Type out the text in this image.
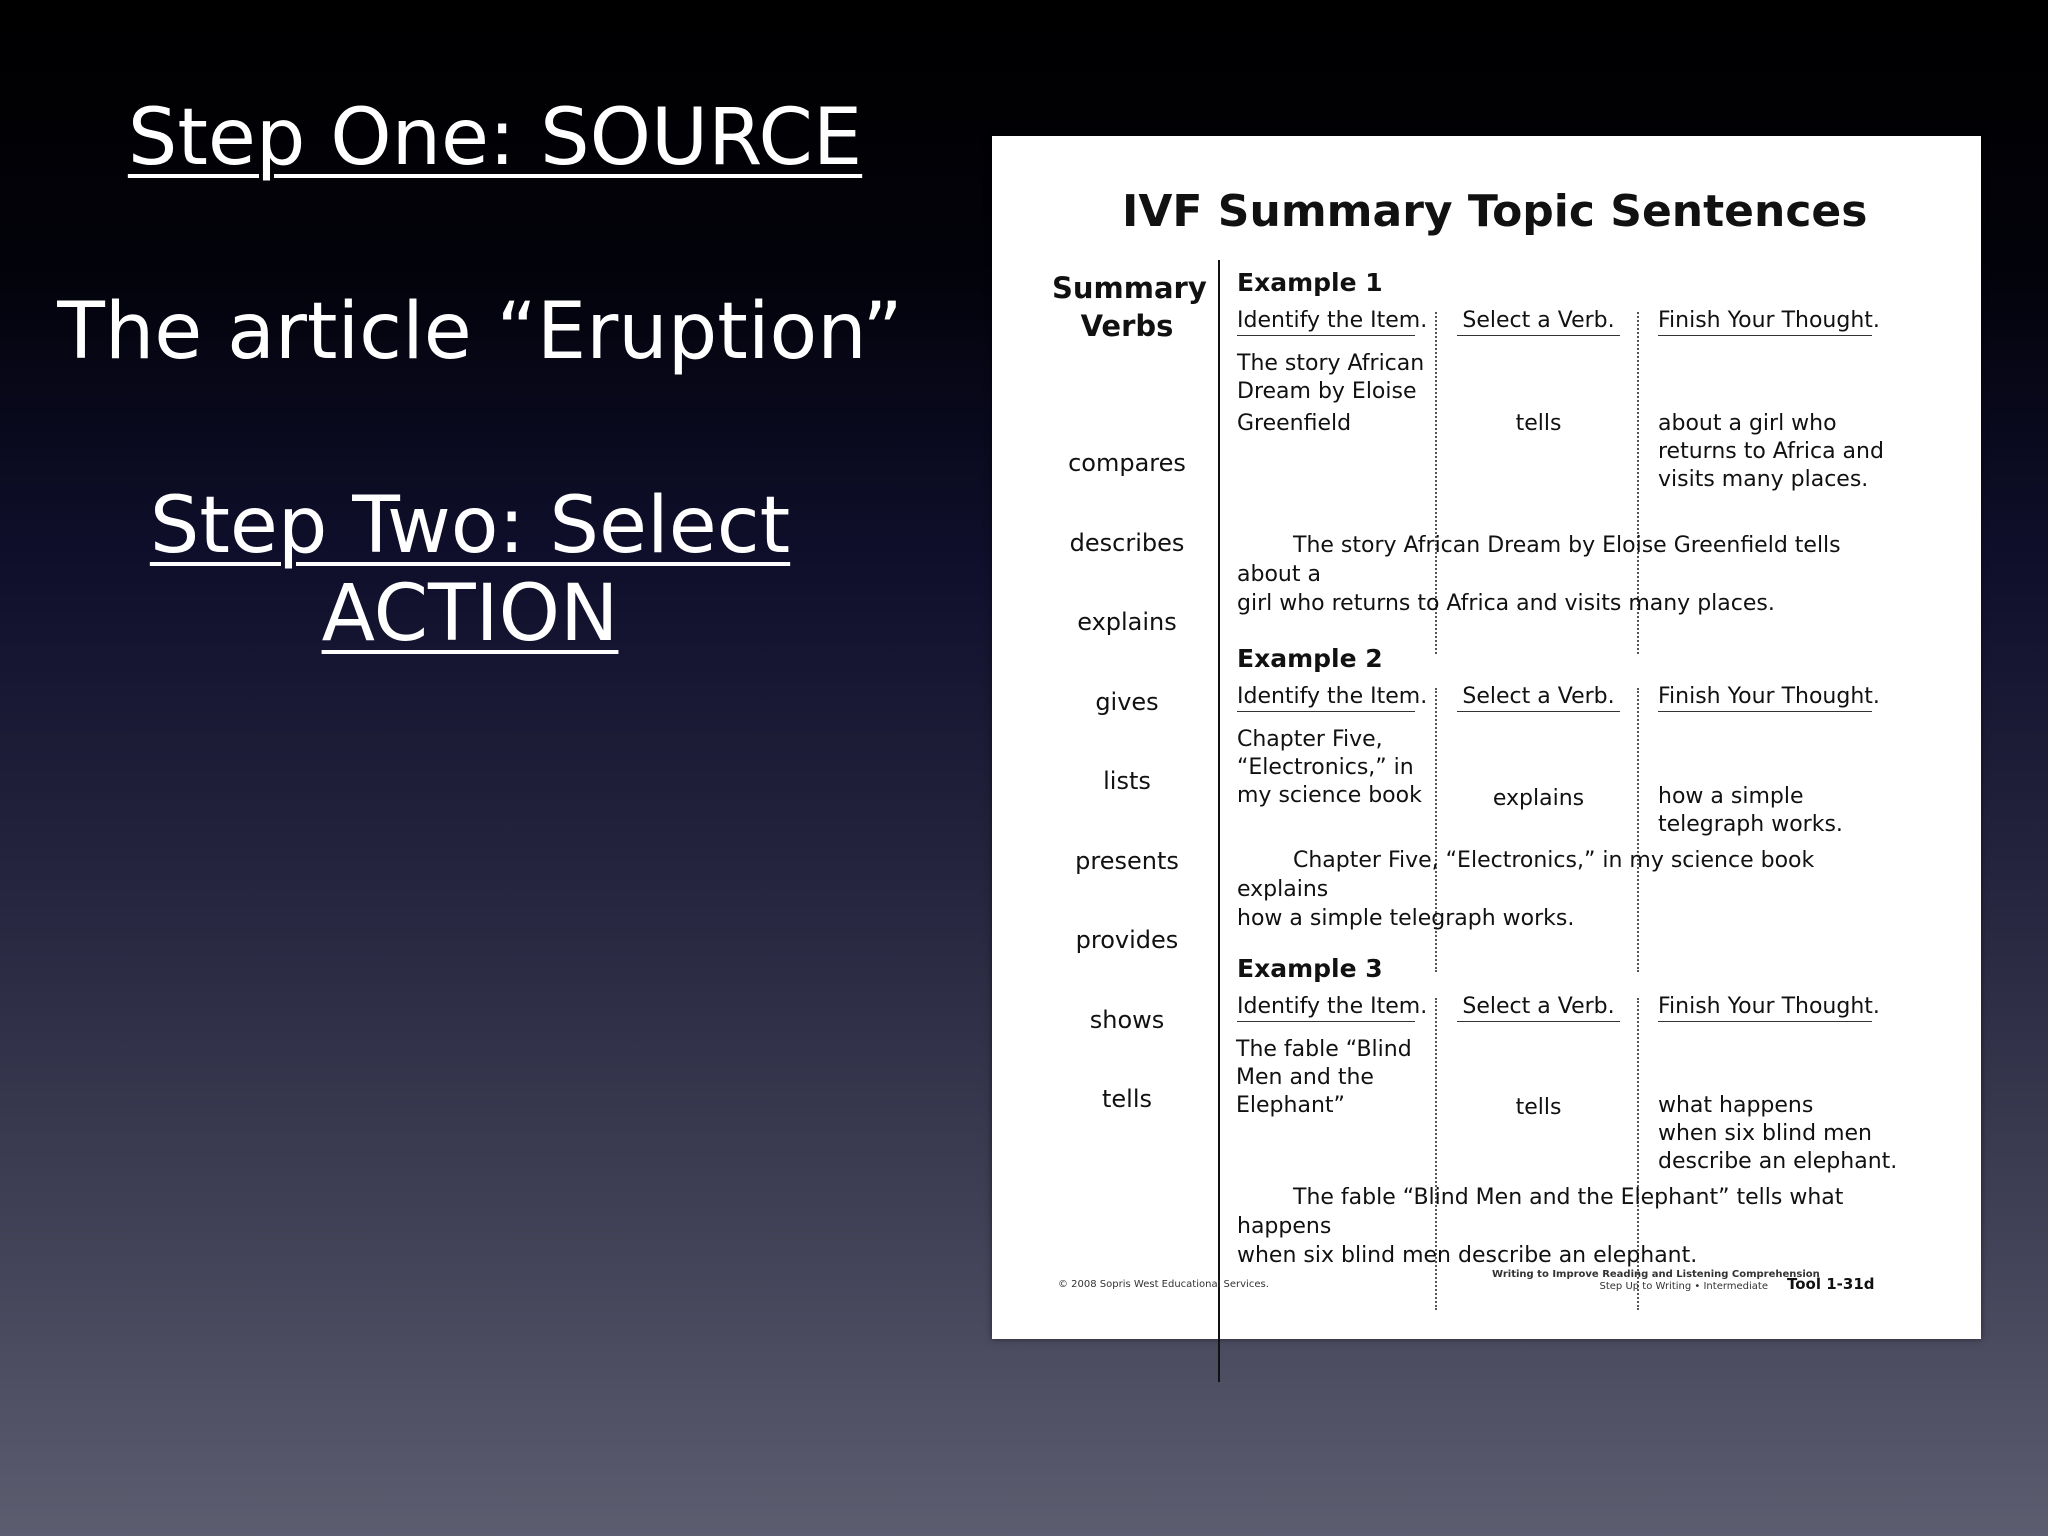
Step One: SOURCE
The article “Eruption”
Step Two: Select
ACTION
IVF Summary Topic Sentences
Summary
Verbs
compares
describes
explains
gives
lists
presents
provides
shows
tells
Example 1
Identify the Item. Select a Verb. Finish Your Thought.
The story African
Dream by Eloise
Greenfield	tells	about a girl who
returns to Africa and
visits many places.
The story African Dream by Eloise Greenfield tells about a
girl who returns to Africa and visits many places.
Example 2
Identify the Item. Select a Verb. Finish Your Thought.
Chapter Five,
“Electronics,” in
my science book	explains	how a simple
telegraph works.
Chapter Five, “Electronics,” in my science book explains
how a simple telegraph works.
Example 3
Identify the Item. Select a Verb. Finish Your Thought.
The fable “Blind
Men and the
Elephant”	tells	what happens
when six blind men
describe an elephant.
The fable “Blind Men and the Elephant” tells what happens
when six blind men describe an elephant.
© 2008 Sopris West Educational Services.
Writing to Improve Reading and Listening Comprehension
Step Up to Writing • Intermediate Tool 1-31d
